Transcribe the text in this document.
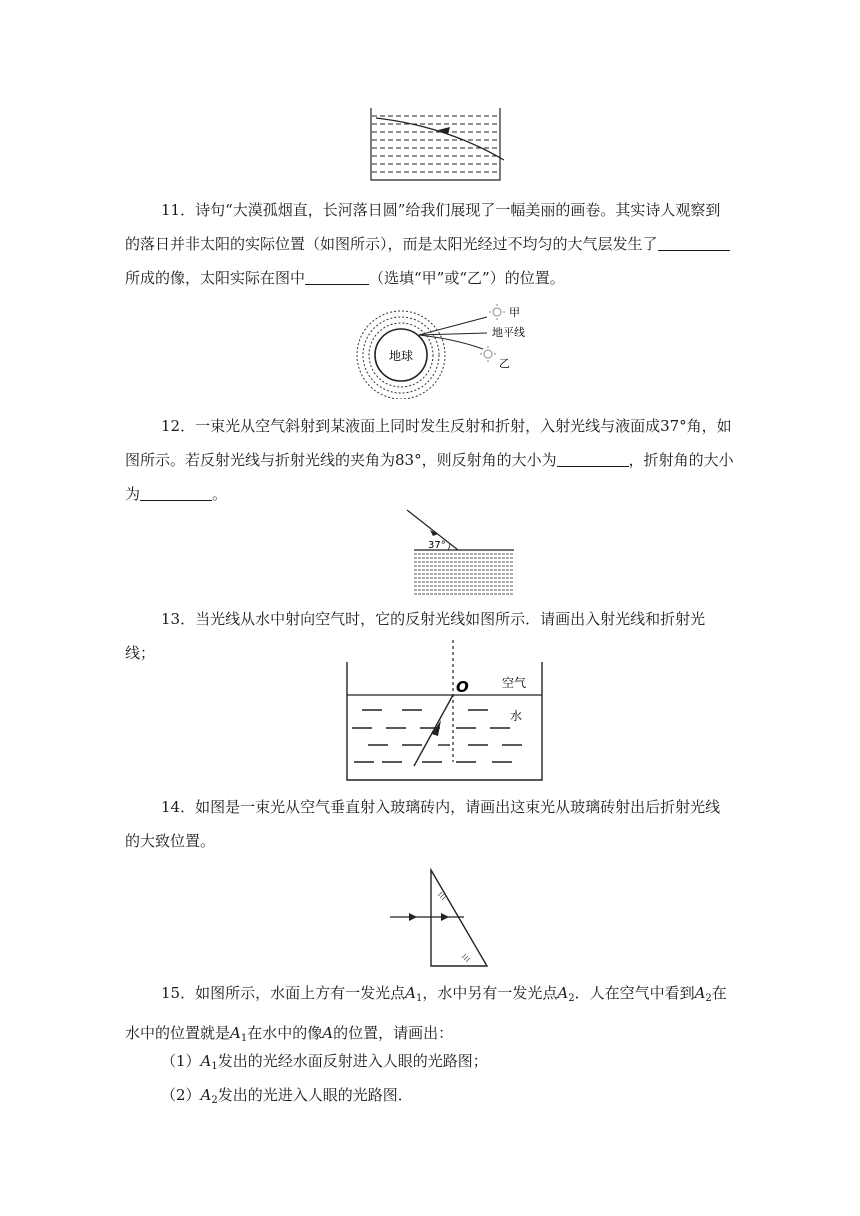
11．诗句“大漠孤烟直，长河落日圆”给我们展现了一幅美丽的画卷。其实诗人观察到的落日并非太阳的实际位置（如图所示），而是太阳光经过不均匀的大气层发生了所成的像，太阳实际在图中	（选填“甲”或“乙”）的位置。

地球
甲
地平线
乙

12．一束光从空气斜射到某液面上同时发生反射和折射，入射光线与液面成37°角，如图所示。若反射光线与折射光线的夹角为83°，则反射角的大小为	，折射角的大小为	。

37°

13．当光线从水中射向空气时，它的反射光线如图所示．请画出入射光线和折射光线；

O	空气
水

14．如图是一束光从空气垂直射入玻璃砖内，请画出这束光从玻璃砖射出后折射光线的大致位置。

15．如图所示，水面上方有一发光点$A_1$，水中另有一发光点$A_2$．人在空气中看到$A_2$在水中的位置就是$A_1$在水中的像A的位置，请画出：

$(1)A_1$发出的光经水面反射进入人眼的光路图；

$(2)A_2$发出的光进入人眼的光路图．
